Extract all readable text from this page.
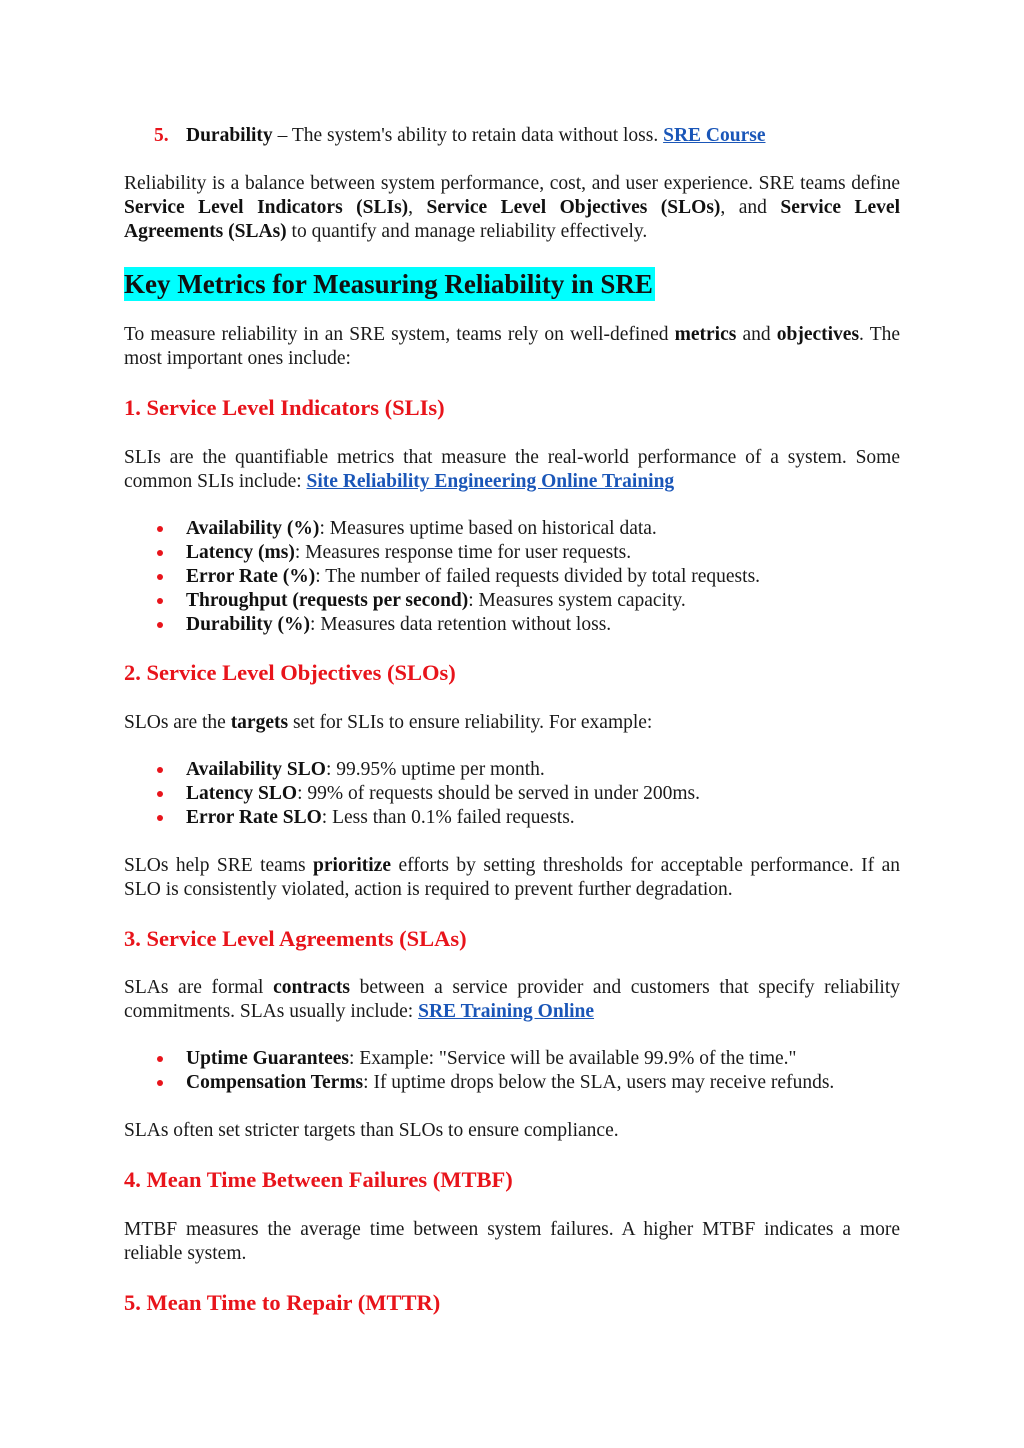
5. Durability – The system's ability to retain data without loss. SRE Course

Reliability is a balance between system performance, cost, and user experience. SRE teams define Service Level Indicators (SLIs), Service Level Objectives (SLOs), and Service Level Agreements (SLAs) to quantify and manage reliability effectively.

Key Metrics for Measuring Reliability in SRE

To measure reliability in an SRE system, teams rely on well-defined metrics and objectives. The most important ones include:

1. Service Level Indicators (SLIs)

SLIs are the quantifiable metrics that measure the real-world performance of a system. Some common SLIs include: Site Reliability Engineering Online Training

Availability (%): Measures uptime based on historical data.
Latency (ms): Measures response time for user requests.
Error Rate (%): The number of failed requests divided by total requests.
Throughput (requests per second): Measures system capacity.
Durability (%): Measures data retention without loss.
2. Service Level Objectives (SLOs)

SLOs are the targets set for SLIs to ensure reliability. For example:

Availability SLO: 99.95% uptime per month.
Latency SLO: 99% of requests should be served in under 200ms.
Error Rate SLO: Less than 0.1% failed requests.

SLOs help SRE teams prioritize efforts by setting thresholds for acceptable performance. If an SLO is consistently violated, action is required to prevent further degradation.

3. Service Level Agreements (SLAs)

SLAs are formal contracts between a service provider and customers that specify reliability commitments. SLAs usually include: SRE Training Online

Uptime Guarantees: Example: "Service will be available 99.9% of the time."
Compensation Terms: If uptime drops below the SLA, users may receive refunds.

SLAs often set stricter targets than SLOs to ensure compliance.

4. Mean Time Between Failures (MTBF)

MTBF measures the average time between system failures. A higher MTBF indicates a more reliable system.

5. Mean Time to Repair (MTTR)
